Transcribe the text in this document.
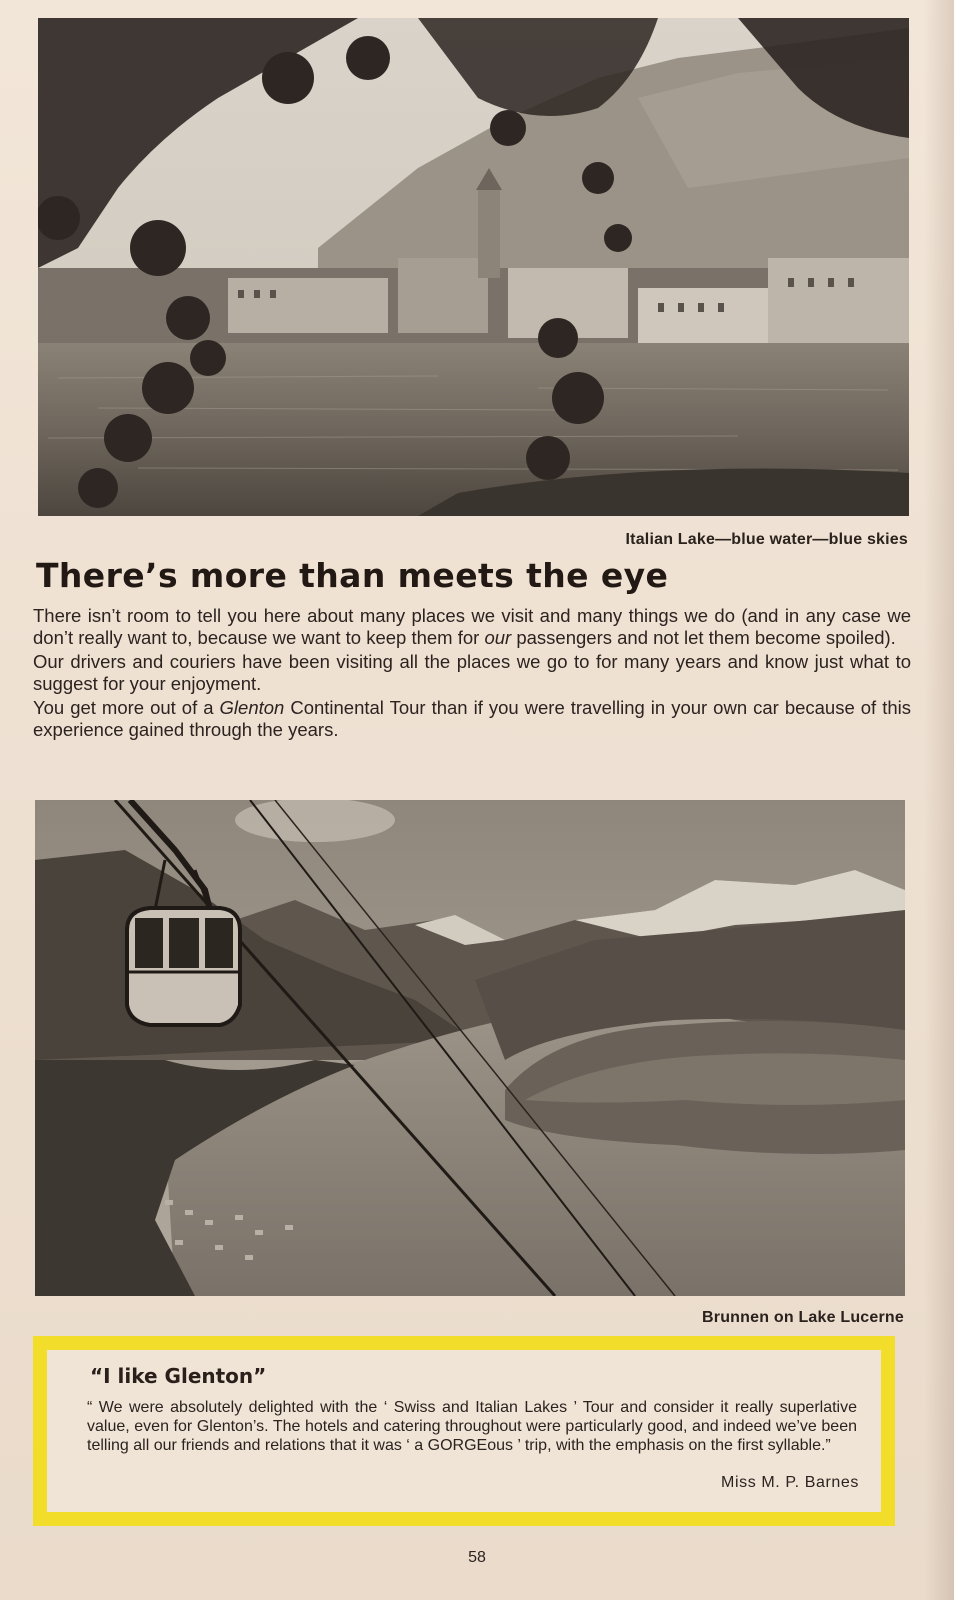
Italian Lake—blue water—blue skies
There’s more than meets the eye

There isn’t room to tell you here about many places we visit and many things we do (and in any case we don’t really want to, because we want to keep them for our passengers and not let them become spoiled).

Our drivers and couriers have been visiting all the places we go to for many years and know just what to suggest for your enjoyment.

You get more out of a Glenton Continental Tour than if you were travelling in your own car because of this experience gained through the years.

Brunnen on Lake Lucerne
“I like Glenton”
“ We were absolutely delighted with the ‘ Swiss and Italian Lakes ’ Tour and consider it really superlative value, even for Glenton’s. The hotels and catering throughout were particularly good, and indeed we’ve been telling all our friends and relations that it was ‘ a GORGEous ’ trip, with the emphasis on the first syllable.”
Miss M. P. Barnes
58
